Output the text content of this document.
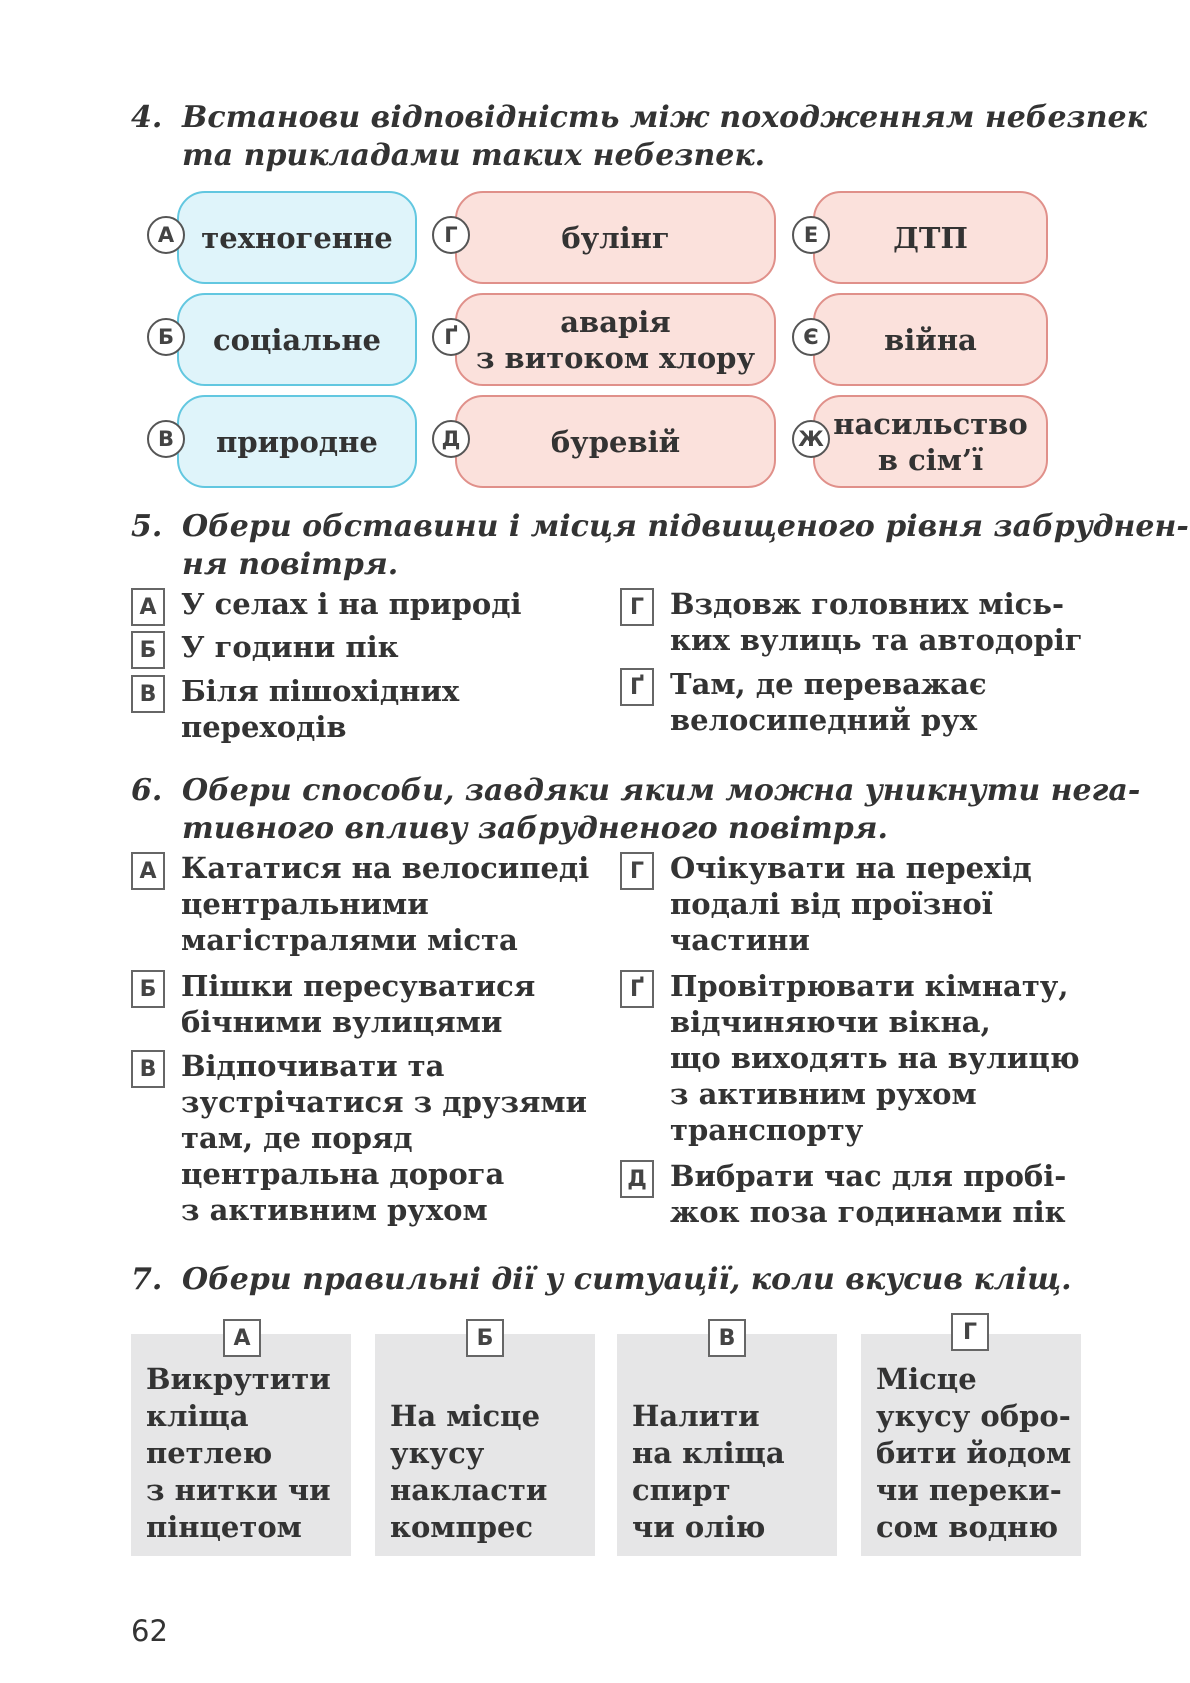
4. Встанови відповідність між походженням небезпек
та прикладами таких небезпек.
техногенне
А
соціальне
Б
природне
В
булінг
Г
аварія
з витоком хлору
Ґ
буревій
Д
ДТП
Е
війна
Є
насильство
в сім’ї
Ж
5. Обери обставини і місця підвищеного рівня забруднен-
ня повітря.
А У селах і на природі
Б У години пік
В Біля пішохідних
переходів
Г Вздовж головних місь-
ких вулиць та автодоріг
Ґ Там, де переважає
велосипедний рух
6. Обери способи, завдяки яким можна уникнути нега-
тивного впливу забрудненого повітря.
А Кататися на велосипеді
центральними
магістралями міста
Б Пішки пересуватися
бічними вулицями
В Відпочивати та
зустрічатися з друзями
там, де поряд
центральна дорога
з активним рухом
Г Очікувати на перехід
подалі від проїзної
частини
Ґ Провітрювати кімнату,
відчиняючи вікна,
що виходять на вулицю
з активним рухом
транспорту
Д Вибрати час для пробі-
жок поза годинами пік
7. Обери правильні дії у ситуації, коли вкусив кліщ.
Викрутити
кліща
петлею
з нитки чи
пінцетом
А
На місце
укусу
накласти
компрес
Б
Налити
на кліща
спирт
чи олію
В
Місце
укусу обро-
бити йодом
чи переки-
сом водню
Г
62
